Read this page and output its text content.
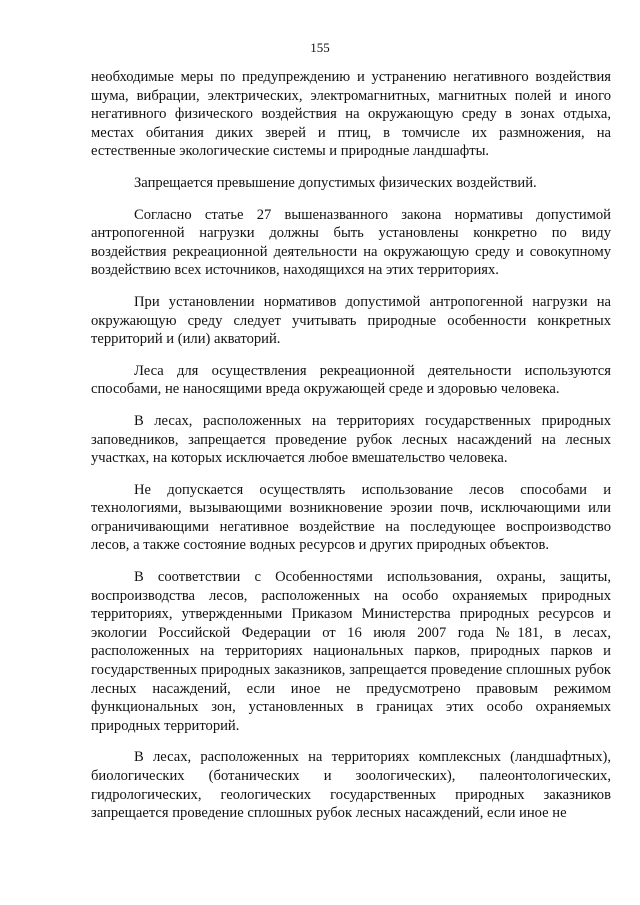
155

необходимые меры по предупреждению и устранению негативного воздействия шума, вибрации, электрических, электромагнитных, магнитных полей и иного негативного физического воздействия на окружающую среду в зонах отдыха, местах обитания диких зверей и птиц, в томчисле их размножения, на естественные экологические системы и природные ландшафты.

Запрещается превышение допустимых физических воздействий.

Согласно статье 27 вышеназванного закона нормативы допустимой антропогенной нагрузки должны быть установлены конкретно по виду воздействия рекреационной деятельности на окружающую среду и совокупному воздействию всех источников, находящихся на этих территориях.

При установлении нормативов допустимой антропогенной нагрузки на окружающую среду следует учитывать природные особенности конкретных территорий и (или) акваторий.

Леса для осуществления рекреационной деятельности используются способами, не наносящими вреда окружающей среде и здоровью человека.

В лесах, расположенных на территориях государственных природных заповедников, запрещается проведение рубок лесных насаждений на лесных участках, на которых исключается любое вмешательство человека.

Не допускается осуществлять использование лесов способами и технологиями, вызывающими возникновение эрозии почв, исключающими или ограничивающими негативное воздействие на последующее воспроизводство лесов, а также состояние водных ресурсов и других природных объектов.

В соответствии с Особенностями использования, охраны, защиты, воспроизводства лесов, расположенных на особо охраняемых природных территориях, утвержденными Приказом Министерства природных ресурсов и экологии Российской Федерации от 16 июля 2007 года №181, в лесах, расположенных на территориях национальных парков, природных парков и государственных природных заказников, запрещается проведение сплошных рубок лесных насаждений, если иное не предусмотрено правовым режимом функциональных зон, установленных в границах этих особо охраняемых природных территорий.

В лесах, расположенных на территориях комплексных (ландшафтных), биологических (ботанических и зоологических), палеонтологических, гидрологических, геологических государственных природных заказников запрещается проведение сплошных рубок лесных насаждений, если иное не
